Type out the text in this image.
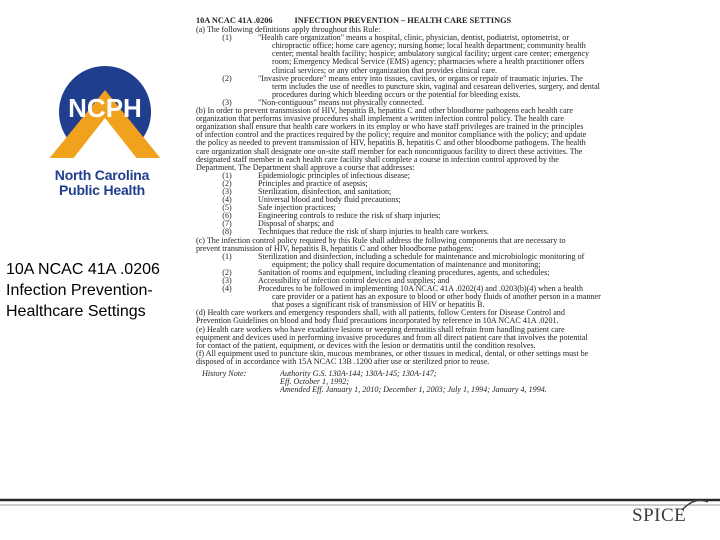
NCPH
North Carolina
Public Health
10A NCAC 41A .0206
Infection Prevention-
Healthcare Settings
10A NCAC 41A .0206	INFECTION PREVENTION – HEALTH CARE SETTINGS
(a) The following definitions apply throughout this Rule:
(1)	"Health care organization" means a hospital, clinic, physician, dentist, podiatrist, optometrist, or
chiropractic office; home care agency; nursing home; local health department; community health
center; mental health facility; hospice; ambulatory surgical facility; urgent care center; emergency
room; Emergency Medical Service (EMS) agency; pharmacies where a health practitioner offers
clinical services; or any other organization that provides clinical care.
(2)	"Invasive procedure" means entry into tissues, cavities, or organs or repair of traumatic injuries. The
term includes the use of needles to puncture skin, vaginal and cesarean deliveries, surgery, and dental
procedures during which bleeding occurs or the potential for bleeding exists.
(3)	"Non-contiguous" means not physically connected.
(b) In order to prevent transmission of HIV, hepatitis B, hepatitis C and other bloodborne pathogens each health care
organization that performs invasive procedures shall implement a written infection control policy. The health care
organization shall ensure that health care workers in its employ or who have staff privileges are trained in the principles
of infection control and the practices required by the policy; require and monitor compliance with the policy; and update
the policy as needed to prevent transmission of HIV, hepatitis B, hepatitis C and other bloodborne pathogens. The health
care organization shall designate one on-site staff member for each noncontiguous facility to direct these activities. The
designated staff member in each health care facility shall complete a course in infection control approved by the
Department. The Department shall approve a course that addresses:
(1)	Epidemiologic principles of infectious disease;
(2)	Principles and practice of asepsis;
(3)	Sterilization, disinfection, and sanitation;
(4)	Universal blood and body fluid precautions;
(5)	Safe injection practices;
(6)	Engineering controls to reduce the risk of sharp injuries;
(7)	Disposal of sharps; and
(8)	Techniques that reduce the risk of sharp injuries to health care workers.
(c) The infection control policy required by this Rule shall address the following components that are necessary to
prevent transmission of HIV, hepatitis B, hepatitis C and other bloodborne pathogens:
(1)	Sterilization and disinfection, including a schedule for maintenance and microbiologic monitoring of
equipment; the policy shall require documentation of maintenance and monitoring;
(2)	Sanitation of rooms and equipment, including cleaning procedures, agents, and schedules;
(3)	Accessibility of infection control devices and supplies; and
(4)	Procedures to be followed in implementing 10A NCAC 41A .0202(4) and .0203(b)(4) when a health
care provider or a patient has an exposure to blood or other body fluids of another person in a manner
that poses a significant risk of transmission of HIV or hepatitis B.
(d) Health care workers and emergency responders shall, with all patients, follow Centers for Disease Control and
Prevention Guidelines on blood and body fluid precautions incorporated by reference in 10A NCAC 41A .0201.
(e) Health care workers who have exudative lesions or weeping dermatitis shall refrain from handling patient care
equipment and devices used in performing invasive procedures and from all direct patient care that involves the potential
for contact of the patient, equipment, or devices with the lesion or dermatitis until the condition resolves.
(f) All equipment used to puncture skin, mucous membranes, or other tissues in medical, dental, or other settings must be
disposed of in accordance with 15A NCAC 13B .1200 after use or sterilized prior to reuse.
History Note:	Authority G.S. 130A-144; 130A-145; 130A-147;
Eff. October 1, 1992;
Amended Eff. January 1, 2010; December 1, 2003; July 1, 1994; January 4, 1994.
SPICE
